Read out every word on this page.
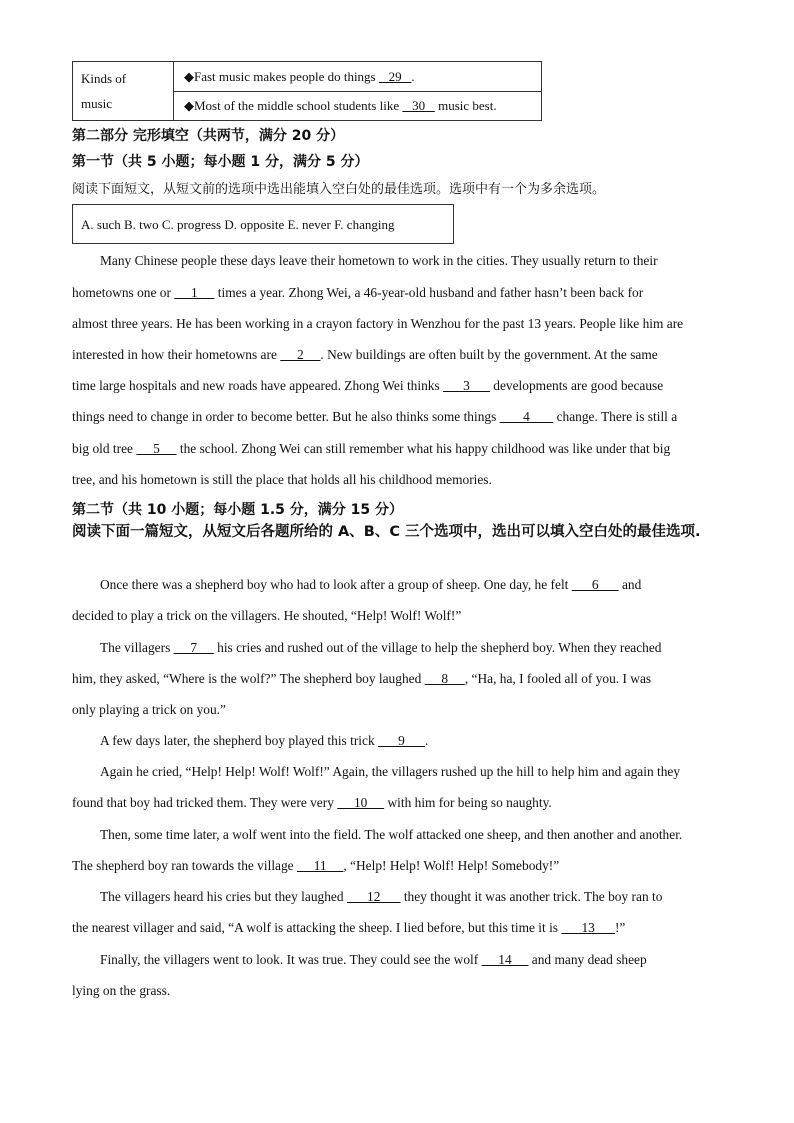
Kinds of
music	◆Fast music makes people do things    29   .
◆Most of the middle school students like    30    music best.
第二部分 完形填空（共两节，满分 20 分）
第一节（共 5 小题；每小题 1 分，满分 5 分）
阅读下面短文，从短文前的选项中选出能填入空白处的最佳选项。选项中有一个为多余选项。
A. such B. two C. progress D. opposite E. never F. changing
Many Chinese people these days leave their hometown to work in the cities. They usually return to their
hometowns one or      1      times a year. Zhong Wei, a 46-year-old husband and father hasn’t been back for
almost three years. He has been working in a crayon factory in Wenzhou for the past 13 years. People like him are
interested in how their hometowns are      2     . New buildings are often built by the government. At the same
time large hospitals and new roads have appeared. Zhong Wei thinks       3       developments are good because
things need to change in order to become better. But he also thinks some things        4        change. There is still a
big old tree      5      the school. Zhong Wei can still remember what his happy childhood was like under that big
tree, and his hometown is still the place that holds all his childhood memories.
第二节（共 10 小题；每小题 1.5 分，满分 15 分）
阅读下面一篇短文，从短文后各题所给的 A、B、C 三个选项中，选出可以填入空白处的最佳选项.
Once there was a shepherd boy who had to look after a group of sheep. One day, he felt       6       and
decided to play a trick on the villagers. He shouted, “Help! Wolf! Wolf!”
The villagers      7      his cries and rushed out of the village to help the shepherd boy. When they reached
him, they asked, “Where is the wolf?” The shepherd boy laughed      8     , “Ha, ha, I fooled all of you. I was
only playing a trick on you.”
A few days later, the shepherd boy played this trick       9      .
Again he cried, “Help! Help! Wolf! Wolf!” Again, the villagers rushed up the hill to help him and again they
found that boy had tricked them. They were very      10      with him for being so naughty.
Then, some time later, a wolf went into the field. The wolf attacked one sheep, and then another and another.
The shepherd boy ran towards the village      11     , “Help! Help! Wolf! Help! Somebody!”
The villagers heard his cries but they laughed       12       they thought it was another trick. The boy ran to
the nearest villager and said, “A wolf is attacking the sheep. I lied before, but this time it is       13      !”
Finally, the villagers went to look. It was true. They could see the wolf      14      and many dead sheep
lying on the grass.
